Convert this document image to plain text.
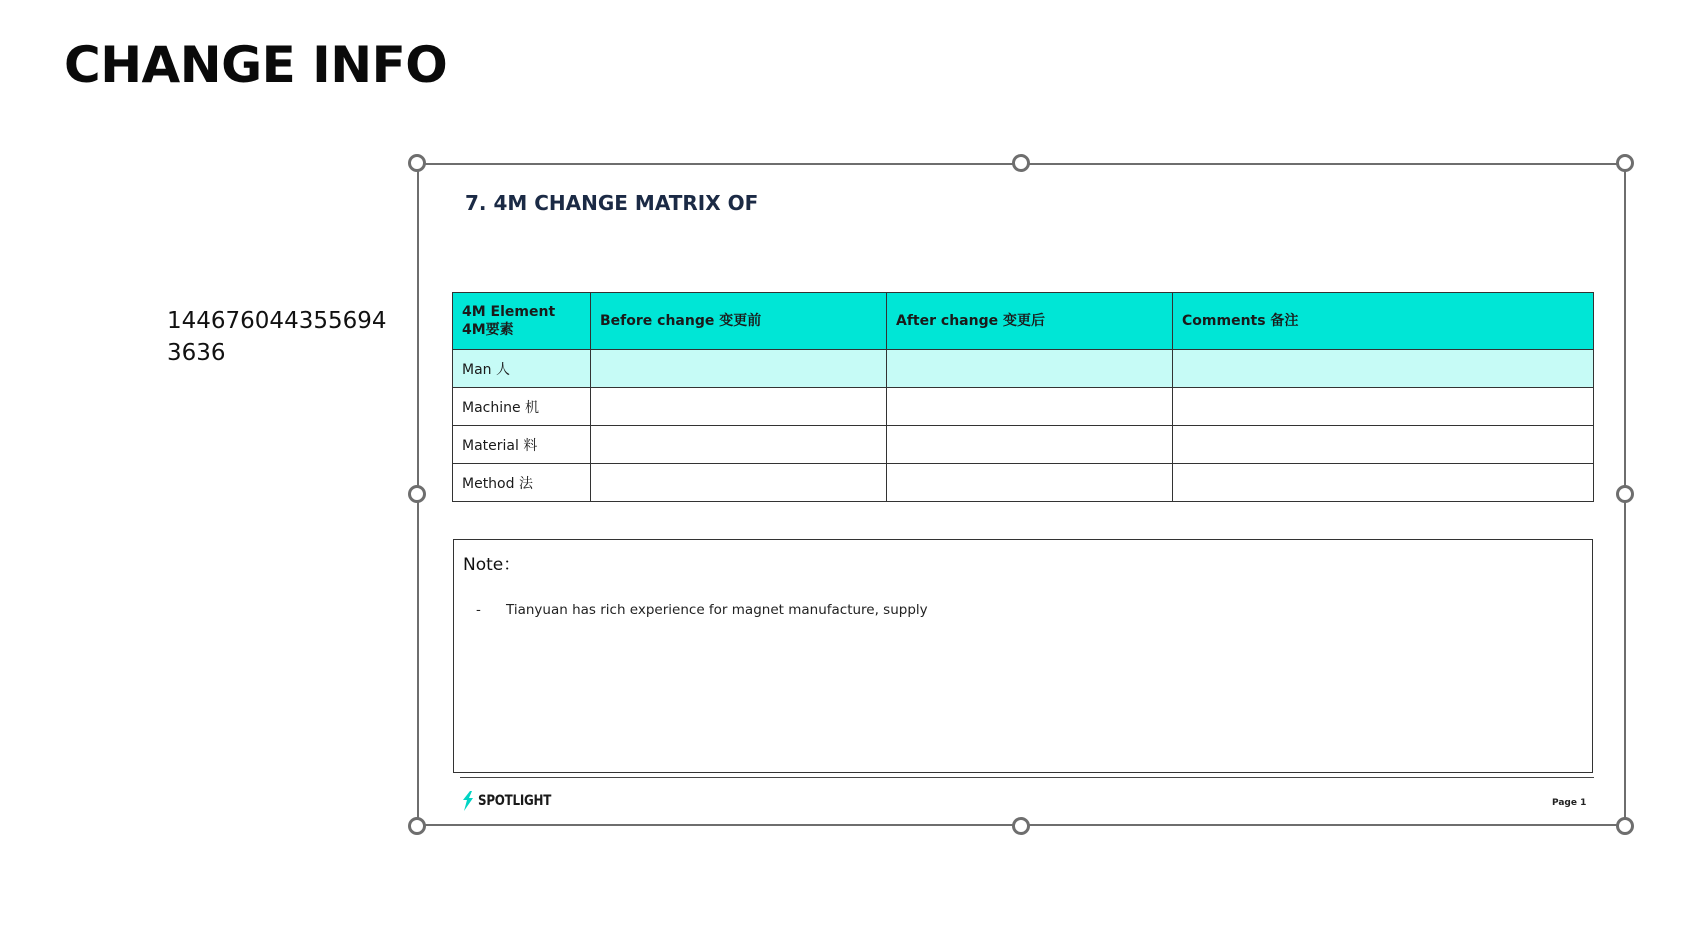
CHANGE INFO
144676044355694 3636
7. 4M CHANGE MATRIX OF
4M Element 4M要素	Before change 变更前	After change 变更后	Comments 备注
Man 人			
Machine 机			
Material 料			
Method 法			
Note：
-	Tianyuan has rich experience for magnet manufacture, supply
SPOTLIGHT	Page 1
